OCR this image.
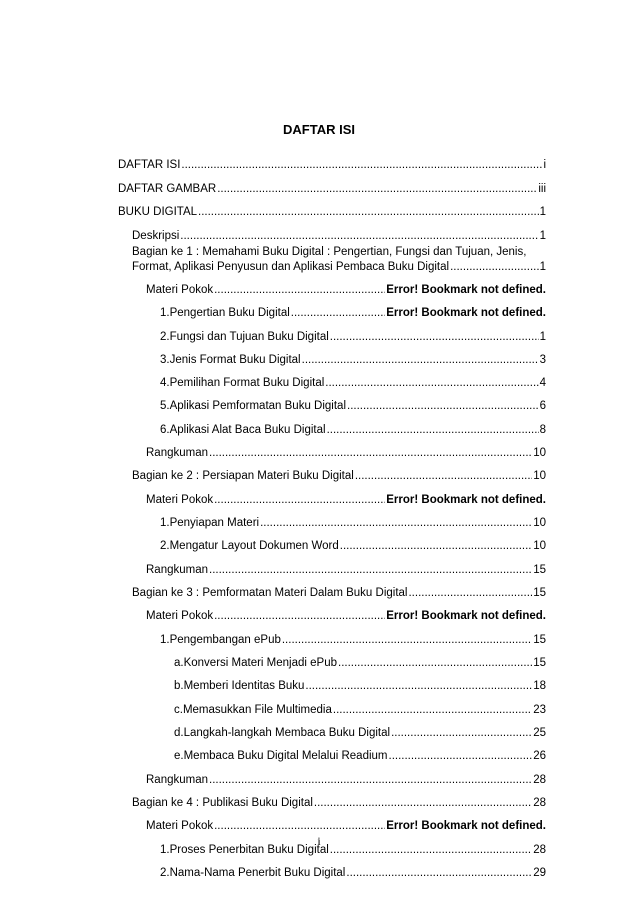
DAFTAR ISI
DAFTAR ISI .....	i
DAFTAR GAMBAR .....	iii
BUKU DIGITAL .....	1
Deskripsi .....	1
Bagian ke 1 : Memahami Buku Digital : Pengertian, Fungsi dan Tujuan, Jenis,
Format, Aplikasi Penyusun dan Aplikasi Pembaca Buku Digital .....	1
Materi Pokok .....	Error! Bookmark not defined.
1. Pengertian Buku Digital .....	Error! Bookmark not defined.
2. Fungsi dan Tujuan Buku Digital .....	1
3. Jenis Format Buku Digital .....	3
4. Pemilihan Format Buku Digital .....	4
5. Aplikasi Pemformatan Buku Digital .....	6
6. Aplikasi Alat Baca Buku Digital .....	8
Rangkuman .....	10
Bagian ke 2 : Persiapan Materi Buku Digital .....	10
Materi Pokok .....	Error! Bookmark not defined.
1. Penyiapan Materi .....	10
2. Mengatur Layout Dokumen Word .....	10
Rangkuman .....	15
Bagian ke 3 : Pemformatan Materi Dalam Buku Digital .....	15
Materi Pokok .....	Error! Bookmark not defined.
1. Pengembangan ePub .....	15
a. Konversi Materi Menjadi ePub .....	15
b. Memberi Identitas Buku .....	18
c. Memasukkan File Multimedia .....	23
d. Langkah-langkah Membaca Buku Digital .....	25
e. Membaca Buku Digital Melalui Readium .....	26
Rangkuman .....	28
Bagian ke 4 : Publikasi Buku Digital .....	28
Materi Pokok .....	Error! Bookmark not defined.
1. Proses Penerbitan Buku Digital .....	28
2. Nama-Nama Penerbit Buku Digital .....	29
i
